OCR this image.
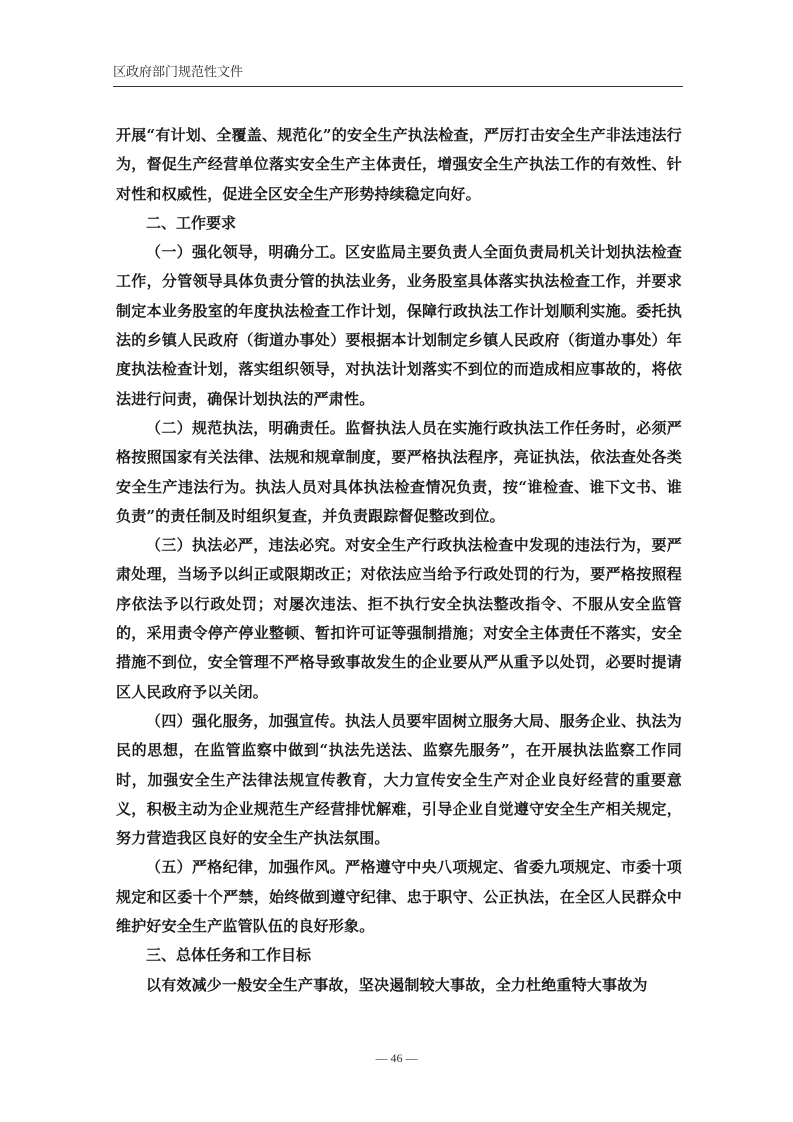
区政府部门规范性文件

开展“有计划、全覆盖、规范化”的安全生产执法检查，严厉打击安全生产非法违法行为，督促生产经营单位落实安全生产主体责任，增强安全生产执法工作的有效性、针对性和权威性，促进全区安全生产形势持续稳定向好。

二、工作要求

（一）强化领导，明确分工。区安监局主要负责人全面负责局机关计划执法检查工作，分管领导具体负责分管的执法业务，业务股室具体落实执法检查工作，并要求制定本业务股室的年度执法检查工作计划，保障行政执法工作计划顺利实施。委托执法的乡镇人民政府（街道办事处）要根据本计划制定乡镇人民政府（街道办事处）年度执法检查计划，落实组织领导，对执法计划落实不到位的而造成相应事故的，将依法进行问责，确保计划执法的严肃性。

（二）规范执法，明确责任。监督执法人员在实施行政执法工作任务时，必须严格按照国家有关法律、法规和规章制度，要严格执法程序，亮证执法，依法查处各类安全生产违法行为。执法人员对具体执法检查情况负责，按“谁检查、谁下文书、谁负责”的责任制及时组织复查，并负责跟踪督促整改到位。

（三）执法必严，违法必究。对安全生产行政执法检查中发现的违法行为，要严肃处理，当场予以纠正或限期改正；对依法应当给予行政处罚的行为，要严格按照程序依法予以行政处罚；对屡次违法、拒不执行安全执法整改指令、不服从安全监管的，采用责令停产停业整顿、暂扣许可证等强制措施；对安全主体责任不落实，安全措施不到位，安全管理不严格导致事故发生的企业要从严从重予以处罚，必要时提请区人民政府予以关闭。

（四）强化服务，加强宣传。执法人员要牢固树立服务大局、服务企业、执法为民的思想，在监管监察中做到“执法先送法、监察先服务”，在开展执法监察工作同时，加强安全生产法律法规宣传教育，大力宣传安全生产对企业良好经营的重要意义，积极主动为企业规范生产经营排忧解难，引导企业自觉遵守安全生产相关规定，努力营造我区良好的安全生产执法氛围。

（五）严格纪律，加强作风。严格遵守中央八项规定、省委九项规定、市委十项规定和区委十个严禁，始终做到遵守纪律、忠于职守、公正执法，在全区人民群众中维护好安全生产监管队伍的良好形象。

三、总体任务和工作目标

以有效减少一般安全生产事故，坚决遏制较大事故，全力杜绝重特大事故为

— 46 —
